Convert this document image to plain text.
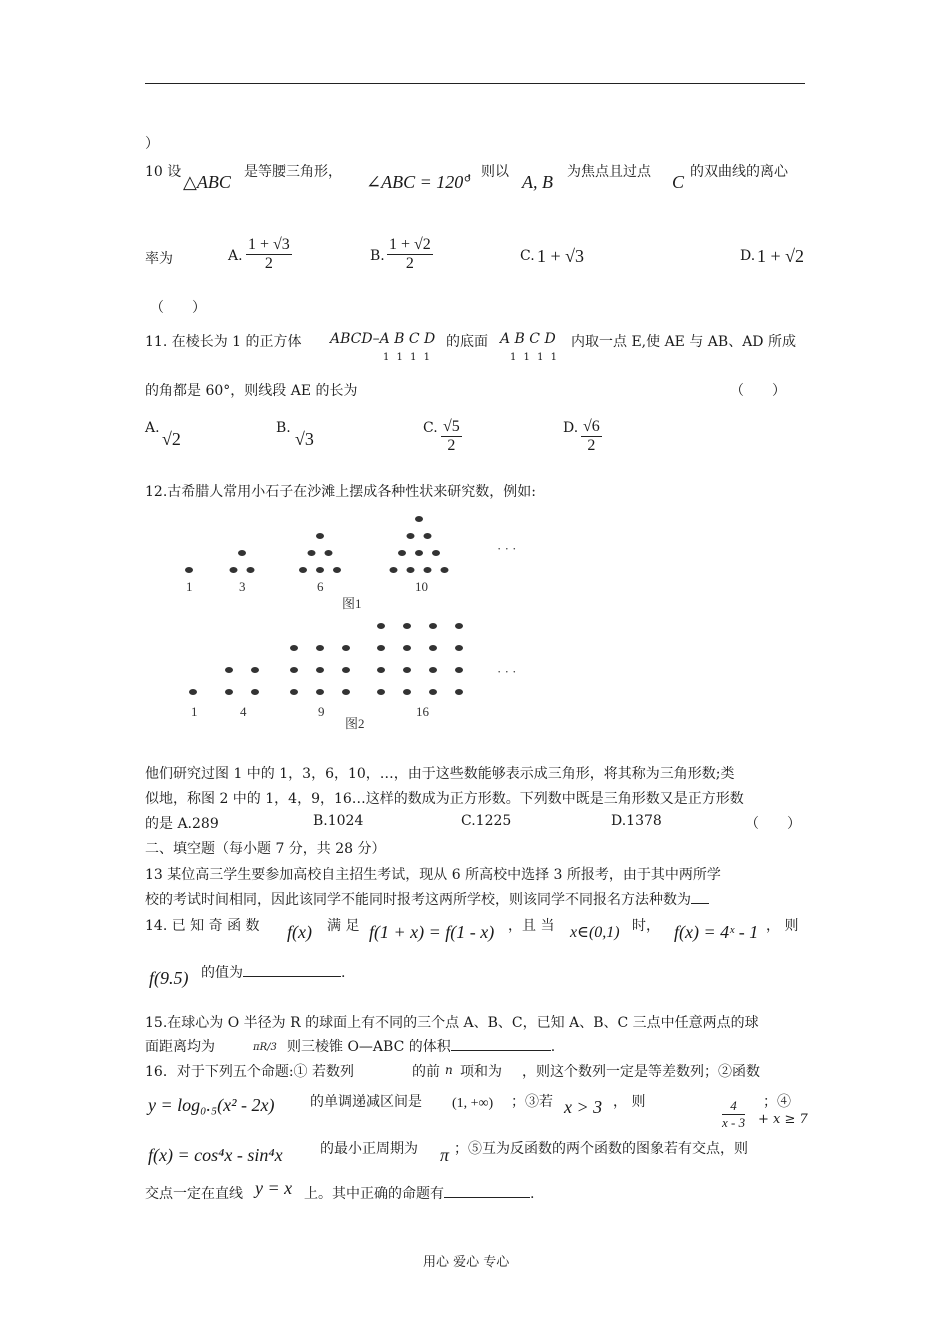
）
10 设 △ABC 是等腰三角形， ∠ABC = 120°
，则以 A, B 为焦点且过点 C 的双曲线的离心
率为	A. $\frac{1 + √3}{2}$	B. $\frac{1 + √2}{2}$	C. 1 + √3	D. 1 + √2
（　　）
11. 在棱长为 1 的正方体 ABCD–A B C D
1 1 1 1
的底面 A B C D
1 1 1 1
内取一点 E,使 AE 与 AB、AD 所成
的角都是 60°，则线段 AE 的长为	（　　）
A.
√2
B.
√3
C. $\frac{√5}{2}$	D. $\frac{√6}{2}$
12.古希腊人常用小石子在沙滩上摆成各种性状来研究数，例如:
1	3	6	10
图1
· · ·
1	4	9	16
图2
· · ·
他们研究过图 1 中的 1，3，6，10，…，由于这些数能够表示成三角形，将其称为三角形数;类
似地，称图 2 中的 1，4，9，16…这样的数成为正方形数。下列数中既是三角形数又是正方形数
的是 A.289	B.1024	C.1225	D.1378	（　　）
二、填空题（每小题 7 分，共 28 分）
13 某位高三学生要参加高校自主招生考试，现从 6 所高校中选择 3 所报考，由于其中两所学
校的考试时间相同，因此该同学不能同时报考这两所学校，则该同学不同报名方法种数为
14. 已 知 奇 函 数 f(x) 满 足 f(1 + x) = f(1 - x) ，且 当 x∈(0,1) 时， f(x) = 4ˣ - 1 ， 则
f(9.5) 的值为	.
15.在球心为 O 半径为 R 的球面上有不同的三个点 A、B、C，已知 A、B、C 三点中任意两点的球
面距离均为	πR/3 则三棱锥 O—ABC 的体积	.
16．对于下列五个命题:① 若数列	的前 n 项和为 ，则这个数列一定是等差数列；②函数
y = log₀.₅(x² - 2x)	的单调递减区间是 (1, +∞) ；③若 x > 3 ， 则	$\frac{4}{x - 3} + x \ge 7$
；④
f(x) = cos⁴x - sin⁴x	的最小正周期为 π ；⑤互为反函数的两个函数的图象若有交点，则
交点一定在直线 y = x 上。其中正确的命题有	.
用心 爱心 专心
